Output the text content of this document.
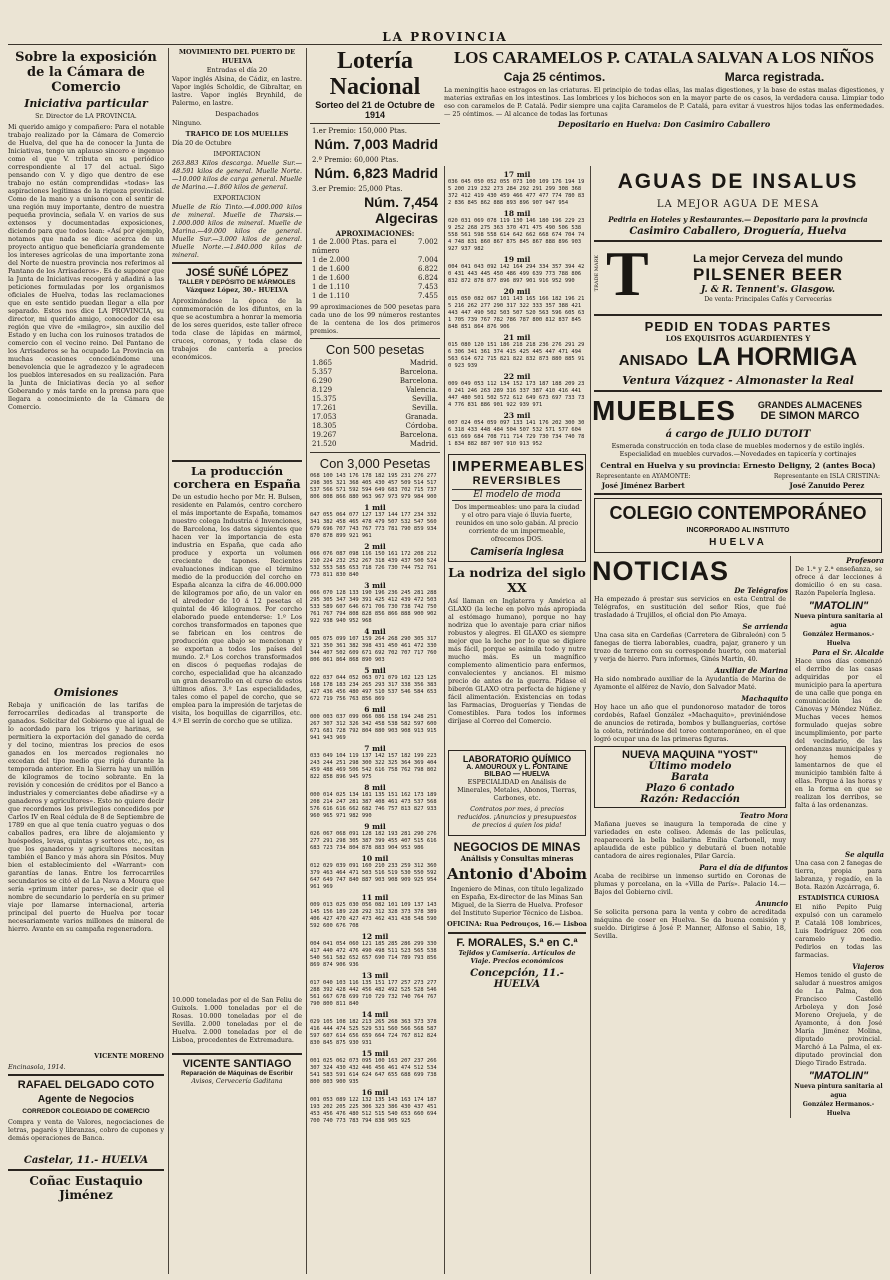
LA PROVINCIA
Sobre la exposición de la Cámara de Comercio
Iniciativa particular
Sr. Director de LA PROVINCIA.
Mi querido amigo y compañero: Para el notable trabajo realizado por la Cámara de Comercio de Huelva, del que ha de conocer la Junta de Iniciativas, tengo un aplauso sincero e ingenuo como el que V. tributa en su periódico correspondiente al 17 del actual. Sigo pensando con V. y digo que dentro de ese trabajo no están comprendidas «todas» las aspiraciones legítimas de la riqueza provincial. Como de la mano y a unísono con el sentir de una región muy importante, dentro de nuestra pequeña provincia, señala V. en varios de sus extensos y documentadas exposiciones, diciendo para que todos lean: «Así por ejemplo, notamos que nada se dice acerca de un proyecto antiguo que beneficiaría grandemente los intereses agrícolas de una importante zona del Norte de nuestra provincia nos referimos al Pantano de los Arrisaderos». Es de suponer que la Junta de Iniciativas recogerá y añadirá a las peticiones formuladas por los organismos oficiales de Huelva, todas las reclamaciones que en este sentido puedan llegar a ella por separado. Estos nos dice LA PROVINCIA, su director, mi querido amigo, conocedor de esa región que vive de «milagro», sin auxilio del Estado y en lucha con los ruinosos tratados de comercio con el vecino reino. Del Pantano de los Arrisaderos se ha ocupado La Provincia en muchas ocasiones concediéndome una benevolencia que le agradezco y le agradecen los pueblos interesados en su realización. Para la Junta de Iniciativas decía yo al señor Goberando y más tarde en la prensa para que llegara a conocimiento de la Cámara de Comercio.
Omisiones
Rebaja y unificación de las tarifas de ferrocarriles dedicadas al transporte de ganados. Solicitar del Gobierno que al igual de lo acordado para los trigos y harinas, se permitiera la exportación del ganado de cerda y del tocino, mientras los precios de esos ganados en los mercados regionales no excedan del tipo medio que rigió durante la temporada anterior. En la Sierra hay un millón de kilogramos de tocino sobrante. En la revisión y concesión de créditos por el Banco a industriales y comerciantes debe añadirse «y a ganaderos y agricultores». Esto no quiere decir que recordemos los privilegios concedidos por Carlos IV en Real cédula de 8 de Septiembre de 1789 en que al que tenía cuatro yeguas o dos caballos padres, era libre de alojamiento y huéspedes, levas, quintas y sorteos etc., no, es que los ganaderos y agricultores necesitan también el Banco y más ahora sin Pósitos. Muy bien el establecimiento del «Warrant» con garantías de lanas. Entre los ferrocarriles secundarios se citó el de La Nava a Moura que sería «primum inter pares», se decir que el nombre de secundario lo perdería en su primer viaje por llamarse internacional, arteria principal del puerto de Huelva por tocar necesariamente varios millones de mineral de hierro. Avante en su campaña regeneradora.
VICENTE MORENO
Encinasola, 1914.
RAFAEL DELGADO COTO
Agente de Negocios
CORREDOR COLEGIADO DE COMERCIO
Compra y venta de Valores, negociaciones de letras, pagarés y libranzas, cobro de cupones y demás operaciones de Banca.
Castelar, 11.- HUELVA
Coñac Eustaquio Jiménez
MOVIMIENTO DEL PUERTO DE HUELVA
Entradas el día 20
Vapor inglés Alsina, de Cádiz, en lastre. Vapor inglés Scholdic, de Gibraltar, en lastre. Vapor inglés Brynhild, de Palermo, en lastre.
Despachados
Ninguno.
TRAFICO DE LOS MUELLES
Día 20 de Octubre
IMPORTACION
263.883 Kilos descarga. Muelle Sur.—48.591 kilos de general. Muelle Norte.—10.000 kilos de carga general. Muelle de Marina.—1.860 kilos de general.
EXPORTACION
Muelle de Río Tinto.—4.000.000 kilos de mineral. Muelle de Tharsis.—1.000.000 kilos de mineral. Muelle de Marina.—49.000 kilos de general. Muelle Sur.—3.000 kilos de general. Muelle Norte.—1.840.000 kilos de mineral.
JOSÉ SUÑÉ LÓPEZ
TALLER Y DEPÓSITO DE MÁRMOLES
Vázquez López, 30.- HUELVA
Aproximándose la época de la conmemoración de los difuntos, en la que se acostumbra a honrar la memoria de los seres queridos, este taller ofrece toda clase de lápidas en mármol, cruces, coronas, y toda clase de trabajos de cantería a precios económicos.
La producción corchera en España
De un estudio hecho por Mr. H. Bulsen, residente en Palamós, centro corchero el más importante de España, tomamos nuestro colega Industria é Invenciones, de Barcelona, los datos siguientes que hacen ver la importancia de esta industria en España, que cada año produce y exporta un volumen creciente de tapones. Recientes evaluaciones indican que el término medio de la producción del corcho en España alcanza la cifra de 46.000.000 de kilogramos por año, de un valor en el alrededor de 10 á 12 pesetas el quintal de 46 kilogramos. Por corcho elaborado puede entenderse: 1.º Los corchos transformados en tapones que se fabrican en los centros de producción que abajo se mencionan y se exportan a todos los países del mundo. 2.º Los corchos transformados en discos ó pequeñas rodajas de corcho, especialidad que ha alcanzado un gran desarrollo en el curso de estos últimos años. 3.º Las especialidades, tales como el papel de corcho, que se emplea para la impresión de tarjetas de visita, los boquillas de cigarrillos, etc. 4.º El serrín de corcho que se utiliza.
10.000 toneladas por el de San Feliu de Guixols. 1.000 toneladas por el de Rosas. 10.000 toneladas por el de Sevilla. 2.000 toneladas por el de Huelva. 2.000 toneladas por el de Lisboa, procedentes de Extremadura.
VICENTE SANTIAGO
Reparación de Máquinas de Escribir
Avisos, Cervecería Gaditana
Lotería Nacional
Sorteo del 21 de Octubre de 1914
1.er Premio: 150,000 Ptas.
Núm. 7,003 Madrid
2.º Premio: 60,000 Ptas.
Núm. 6,823 Madrid
3.er Premio: 25,000 Ptas.
Núm. 7,454 Algeciras
APROXIMACIONES:
1 de 2.000 Ptas. para el número
7.002
1 de 2.000	7.004
1 de 1.600	6.822
1 de 1.600	6.824
1 de 1.110	7.453
1 de 1.110	7.455
99 aproximaciones de 500 pesetas para cada uno de los 99 números restantes de la centena de los dos primeros premios.
Con 500 pesetas
1.865	Madrid.
5.357	Barcelona.
6.290	Barcelona.
8.129	Valencia.
15.375	Sevilla.
17.261	Sevilla.
17.053	Granada.
18.305	Córdoba.
19.267	Barcelona.
21.520	Madrid.
Con 3,000 Pesetas
068 100 143 176 178 182 195 231 276 277 298 305 321 368 405 430 457 509 514 517 537 566 571 592 594 649 683 702 715 737 806 808 866 880 963 967 973 979 984 900
1 mil
047 055 064 077 127 137 144 177 234 332 341 382 458 465 478 479 507 532 547 560 679 696 707 743 767 773 781 790 859 934 870 878 899 921 961
2 mil
066 076 087 098 116 150 161 172 208 212 210 224 232 252 267 318 439 437 500 524 532 553 585 653 718 726 730 744 752 761 773 811 830 840
3 mil
066 070 128 133 190 196 236 245 281 288 295 305 347 349 391 425 412 439 472 503 533 589 607 646 671 706 730 738 742 750 761 767 794 808 828 856 866 888 900 902 922 938 940 952 968
4 mil
005 075 099 107 159 264 268 290 305 317 321 350 361 382 398 431 450 461 472 330 344 407 502 609 671 692 702 707 717 760 806 861 864 868 890 903
5 mil
022 037 044 052 063 071 079 102 123 125 168 178 183 234 265 293 317 338 356 383 427 436 456 480 497 510 537 546 584 653 672 719 756 763 856 869
6 mil
000 003 037 099 066 086 158 194 248 251 267 307 312 326 342 458 538 582 597 600 671 681 728 792 804 880 903 908 913 915 941 943 969
7 mil
033 049 104 119 137 142 157 182 199 223 243 244 251 298 300 322 325 364 369 404 459 488 469 506 542 616 758 762 798 802 822 858 896 945 975
8 mil
000 014 025 134 181 135 151 162 173 189 208 214 247 281 387 408 461 473 537 568 576 616 616 662 682 746 757 813 827 933 960 965 971 982 990
9 mil
026 067 068 091 128 182 193 281 290 276 277 291 298 305 387 399 455 407 515 616 683 723 734 804 878 883 904 953 986
10 mil
012 029 039 091 160 210 233 259 312 360 379 463 464 471 503 516 519 530 550 592 647 649 747 840 887 903 908 909 925 954 961 969
11 mil
009 013 025 030 056 082 101 109 137 143 145 156 189 228 292 312 328 373 378 389 406 427 470 427 473 462 431 438 548 590 592 600 676 708
12 mil
004 041 054 060 121 185 285 286 299 330 417 440 472 476 490 498 511 523 565 538 540 561 582 652 657 690 714 789 793 856 869 874 906 936
13 mil
017 040 103 116 135 151 177 257 273 277 288 392 428 442 456 482 492 525 528 546 561 667 678 699 710 729 732 740 764 767 790 800 811 840
14 mil
029 105 108 182 213 265 268 363 373 378 416 444 474 525 529 531 560 566 568 587 597 607 614 656 659 664 724 767 812 824 830 845 875 930 931
15 mil
001 025 062 073 095 100 163 207 237 266 307 324 430 432 446 456 461 474 512 534 541 583 591 614 624 647 655 688 699 738 800 803 900 935
16 mil
001 053 089 122 132 135 143 163 174 187 193 202 205 225 306 323 386 430 437 451 453 456 476 480 512 515 540 653 660 694 700 740 773 783 794 838 905 925
LOS CARAMELOS P. CATALA SALVAN A LOS NIÑOS
Caja 25 céntimos.	Marca registrada.
La meningitis hace estragos en las criaturas. El principio de todas ellas, las malas digestiones, y la base de estas malas digestiones, y materias extrañas en los intestinos. Las lombrices y los bichocos son en la mayor parte de os casos, la verdadera causa. Limpiar todo eso con caramelos de P. Catalá. Pedir siempre una cajita Caramelos de P. Catalá, para evitar á vuestros hijos todas las enfermedades. — 25 céntimos. — Al alcance de todas las fortunas
Depositario en Huelva: Don Casimiro Caballero
17 mil
036 045 050 052 055 073 100 109 176 194 195 200 219 232 273 284 292 291 299 308 368 372 412 419 430 459 466 477 477 774 780 832 836 845 862 888 893 896 907 947 954
18 mil
020 031 069 078 119 130 146 180 196 229 239 252 268 275 363 370 471 475 490 506 538 558 561 598 558 614 642 662 668 674 704 744 748 831 860 867 875 845 867 888 896 903 927 937 982
19 mil
004 041 043 092 142 164 294 334 357 394 420 431 443 445 450 486 499 639 773 788 806 832 872 878 877 896 897 901 916 952 990
20 mil
015 050 082 067 101 143 165 166 182 196 215 216 262 277 290 317 322 333 357 388 421 443 447 490 502 503 507 520 563 596 605 631 705 739 767 782 786 787 800 812 837 845 848 851 864 876 906
21 mil
015 080 120 151 186 218 218 236 276 291 296 306 341 361 374 415 425 445 447 471 494 563 614 672 715 821 822 832 873 880 885 910 923 939
22 mil
009 049 053 112 134 152 173 187 188 209 230 241 246 263 289 316 337 387 410 416 441 447 480 501 502 572 612 649 673 697 733 734 776 831 886 901 922 939 971
23 mil
007 024 054 059 097 133 141 176 202 300 306 318 433 448 484 504 507 532 571 577 604 613 669 684 708 711 714 729 730 734 740 781 834 882 887 907 910 913 952
IMPERMEABLES
REVERSIBLES
El modelo de moda
Dos impermeables: uno para la ciudad y el otro para viaje ó lluvia fuerte, reunidos en uno solo gabán. Al precio corriente de un impermeable, ofrecemos DOS.
Camisería Inglesa
La nodriza del siglo XX
Así llaman en Inglaterra y América al GLAXO (la leche en polvo más apropiada al estómago humano), porque no hay nodriza que lo aventaje para criar niños robustos y alegres. El GLAXO es siempre mejor que la leche por lo que se digiere más fácil, porque se asimila todo y nutre mucho más. Es un magnífico complemento alimenticio para enfermos, convalecientes y ancianos. El mismo precio de antes de la guerra. Pídase el biberón GLAXO otra perfecta de higiene y fácil alimentación. Existencias en todas las Farmacias, Droguerías y Tiendas de Comestibles. Para todos los informes diríjase al Correo del Comercio.
LABORATORIO QUÍMICO
A. AMOUROUX y L. FONTAINE
BILBAO — HUELVA
ESPECIALIDAD en Análisis de Minerales, Metales, Abonos, Tierras, Carbones, etc.
Contratos por mes, á precios reducidos. ¡Anuncios y presupuestos de precios á quien los pida!
NEGOCIOS DE MINAS
Análisis y Consultas mineras
Antonio d'Aboim
Ingeniero de Minas, con título legalizado en España, Ex-director de las Minas San Miguel, de la Sierra de Huelva. Profesor del Instituto Superior Técnico de Lisboa.
OFICINA: Rua Pedrouços, 16.— Lisboa
F. MORALES, S.ª en C.ª
Tejidos y Camisería. Artículos de Viaje. Precios económicos
Concepción, 11.- HUELVA
AGUAS DE INSALUS
LA MEJOR AGUA DE MESA
Pedirla en Hoteles y Restaurantes.— Depositario para la provincia
Casimiro Caballero, Droguería, Huelva
TRADE MARK T	La mejor Cerveza del mundo
PILSENER BEER
J. & R. Tennent's. Glasgow.
De venta: Principales Cafés y Cervecerías
PEDID EN TODAS PARTES
LOS EXQUISITOS AGUARDIENTES Y
ANISADO LA HORMIGA
Ventura Vázquez - Almonaster la Real
MUEBLES	GRANDES ALMACENES
DE SIMON MARCO
á cargo de JULIO DUTOIT
Esmerada construcción en toda clase de muebles modernos y de estilo inglés. Especialidad en muebles curvados.—Novedades en tapicería y cortinajes
Central en Huelva y su provincia: Ernesto Deligny, 2 (antes Boca)
Representante en AYAMONTE:
José Jiménez Barbert
Representante en ISLA CRISTINA:
José Zanuido Perez
COLEGIO CONTEMPORÁNEO
INCORPORADO AL INSTITUTO
HUELVA
NOTICIAS
De Telégrafos
Ha empezado á prestar sus servicios en esta Central de Telégrafos, en sustitución del señor Ríos, que fué trasladado á Trujillos, el oficial don Pio Amaya.
Se arrienda
Una casa sita en Cardeñas (Carretera de Gibraleón) con 5 fanegas de tierra laborables, cuadra, pajar, granero y un trozo de terreno con su corresponde huerto, con material y verja de hierro. Para informes, Ginés Martín, 40.
Auxiliar de Marina
Ha sido nombrado auxiliar de la Ayudantía de Marina de Ayamonte el alférez de Navío, don Salvador Maté.
Machaquito
Hoy hace un año que el pundonoroso matador de toros cordobés, Rafael González «Machaquito», previniéndose de anuncios de retirada, bombos y bullanguerías, cortóse la coleta, retirándose del toreo contemporáneo, en el que logró ocupar una de las primeras figuras.
NUEVA MAQUINA "YOST"
Último modelo
Barata
Plazo 6 contado
Razón: Redacción
Teatro Mora
Mañana jueves se inaugura la temporada de cine y variedades en este coliseo. Además de las películas, reaparecerá la bella bailarina Emilia Carbonell, muy aplaudida de este público y debutará el buen notable cantadora de aires regionales, Pilar García.
Para el día de difuntos
Acaba de recibirse un inmenso surtido en Coronas de plumas y porcelana, en la «Villa de París». Palacio 14.—Bajos del Gobierno civil.
Anuncio
Se solicita persona para la venta y cobro de acreditada máquina de coser en Huelva. Se da buena comisión y sueldo. Dirigirse á José P. Manner, Alfonso el Sabio, 18, Sevilla.
Profesora
De 1.ª y 2.ª enseñanza, se ofrece á dar lecciones á domicilio ó en su casa. Razón Papelería Inglesa.
"MATOLIN"
Nueva pintura sanitaria al agua
González Hermanos.- Huelva
Para el Sr. Alcalde
Hace unos días comenzó el derribo de las casas adquiridas por el municipio para la apertura de una calle que ponga en comunicación las de Cánovas y Méndez Núñez. Muchas veces hemos formulado quejas sobre incumplimiento, por parte del vecindario, de las ordenanzas municipales y hoy hemos de lamentarnos de que el municipio también falte á ellas. Porque á las horas y en la forma en que se realizan los derribos, se falta á las ordenanzas.
Se alquila
Una casa con 2 fanegas de tierra, propia para labranza, y regadío, en la Bota. Razón Azcárraga, 6.
ESTADÍSTICA CURIOSA
El niño Pepito Puig expulsó con un caramelo P. Catalá 108 lombrices, Luis Rodríguez 206 con caramelo y medio. Pedirlos en todas las farmacias.
Viajeros
Hemos tenido el gusto de saludar á nuestros amigos de La Palma, don Francisco Castelló Arboleya y don José Moreno Orejuela, y de Ayamonte, á don José María Jiménez Molina, diputado provincial. Marchó á La Palma, el ex-diputado provincial don Diego Tirado Estrada.
"MATOLIN"
Nueva pintura sanitaria al agua
González Hermanos.- Huelva
